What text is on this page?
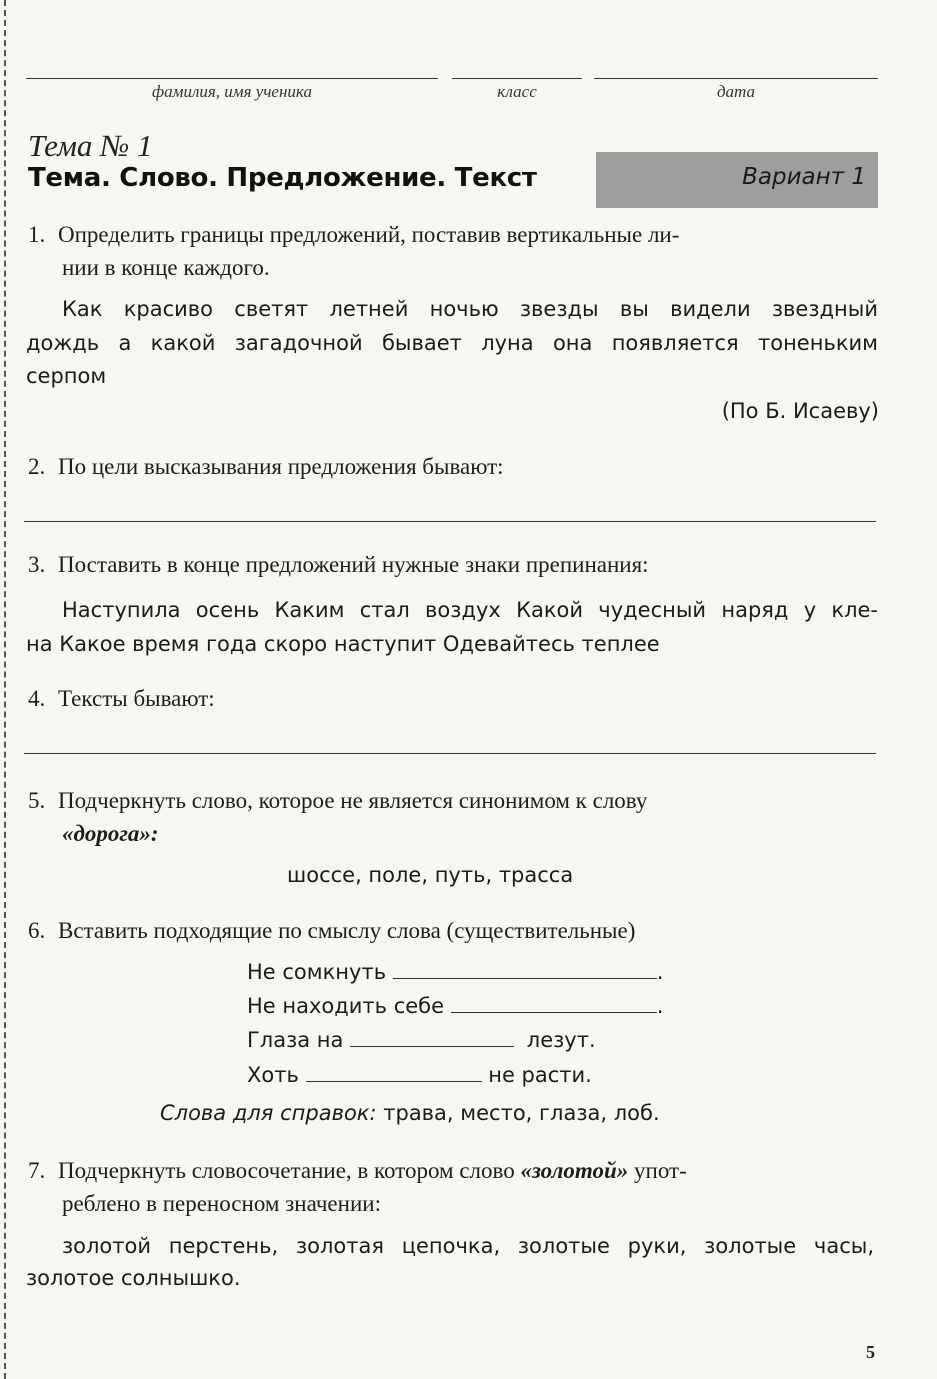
фамилия, имя ученика	класс	дата
Тема № 1
Тема. Слово. Предложение. Текст	Вариант 1
1. Определить границы предложений, поставив вертикальные ли-
нии в конце каждого.
Как красиво светят летней ночью звезды вы видели звездный
дождь а какой загадочной бывает луна она появляется тоненьким
серпом
(По Б. Исаеву)
2. По цели высказывания предложения бывают:
3. Поставить в конце предложений нужные знаки препинания:
Наступила осень Каким стал воздух Какой чудесный наряд у кле-
на Какое время года скоро наступит Одевайтесь теплее
4. Тексты бывают:
5. Подчеркнуть слово, которое не является синонимом к слову
«дорога»:
шоссе, поле, путь, трасса
6. Вставить подходящие по смыслу слова (существительные)
Не сомкнуть	.
Не находить себе	.
Глаза на	лезут.
Хоть	не расти.
Слова для справок: трава, место, глаза, лоб.
7. Подчеркнуть словосочетание, в котором слово «золотой» упот-
реблено в переносном значении:
золотой перстень, золотая цепочка, золотые руки, золотые часы,
золотое солнышко.
5
